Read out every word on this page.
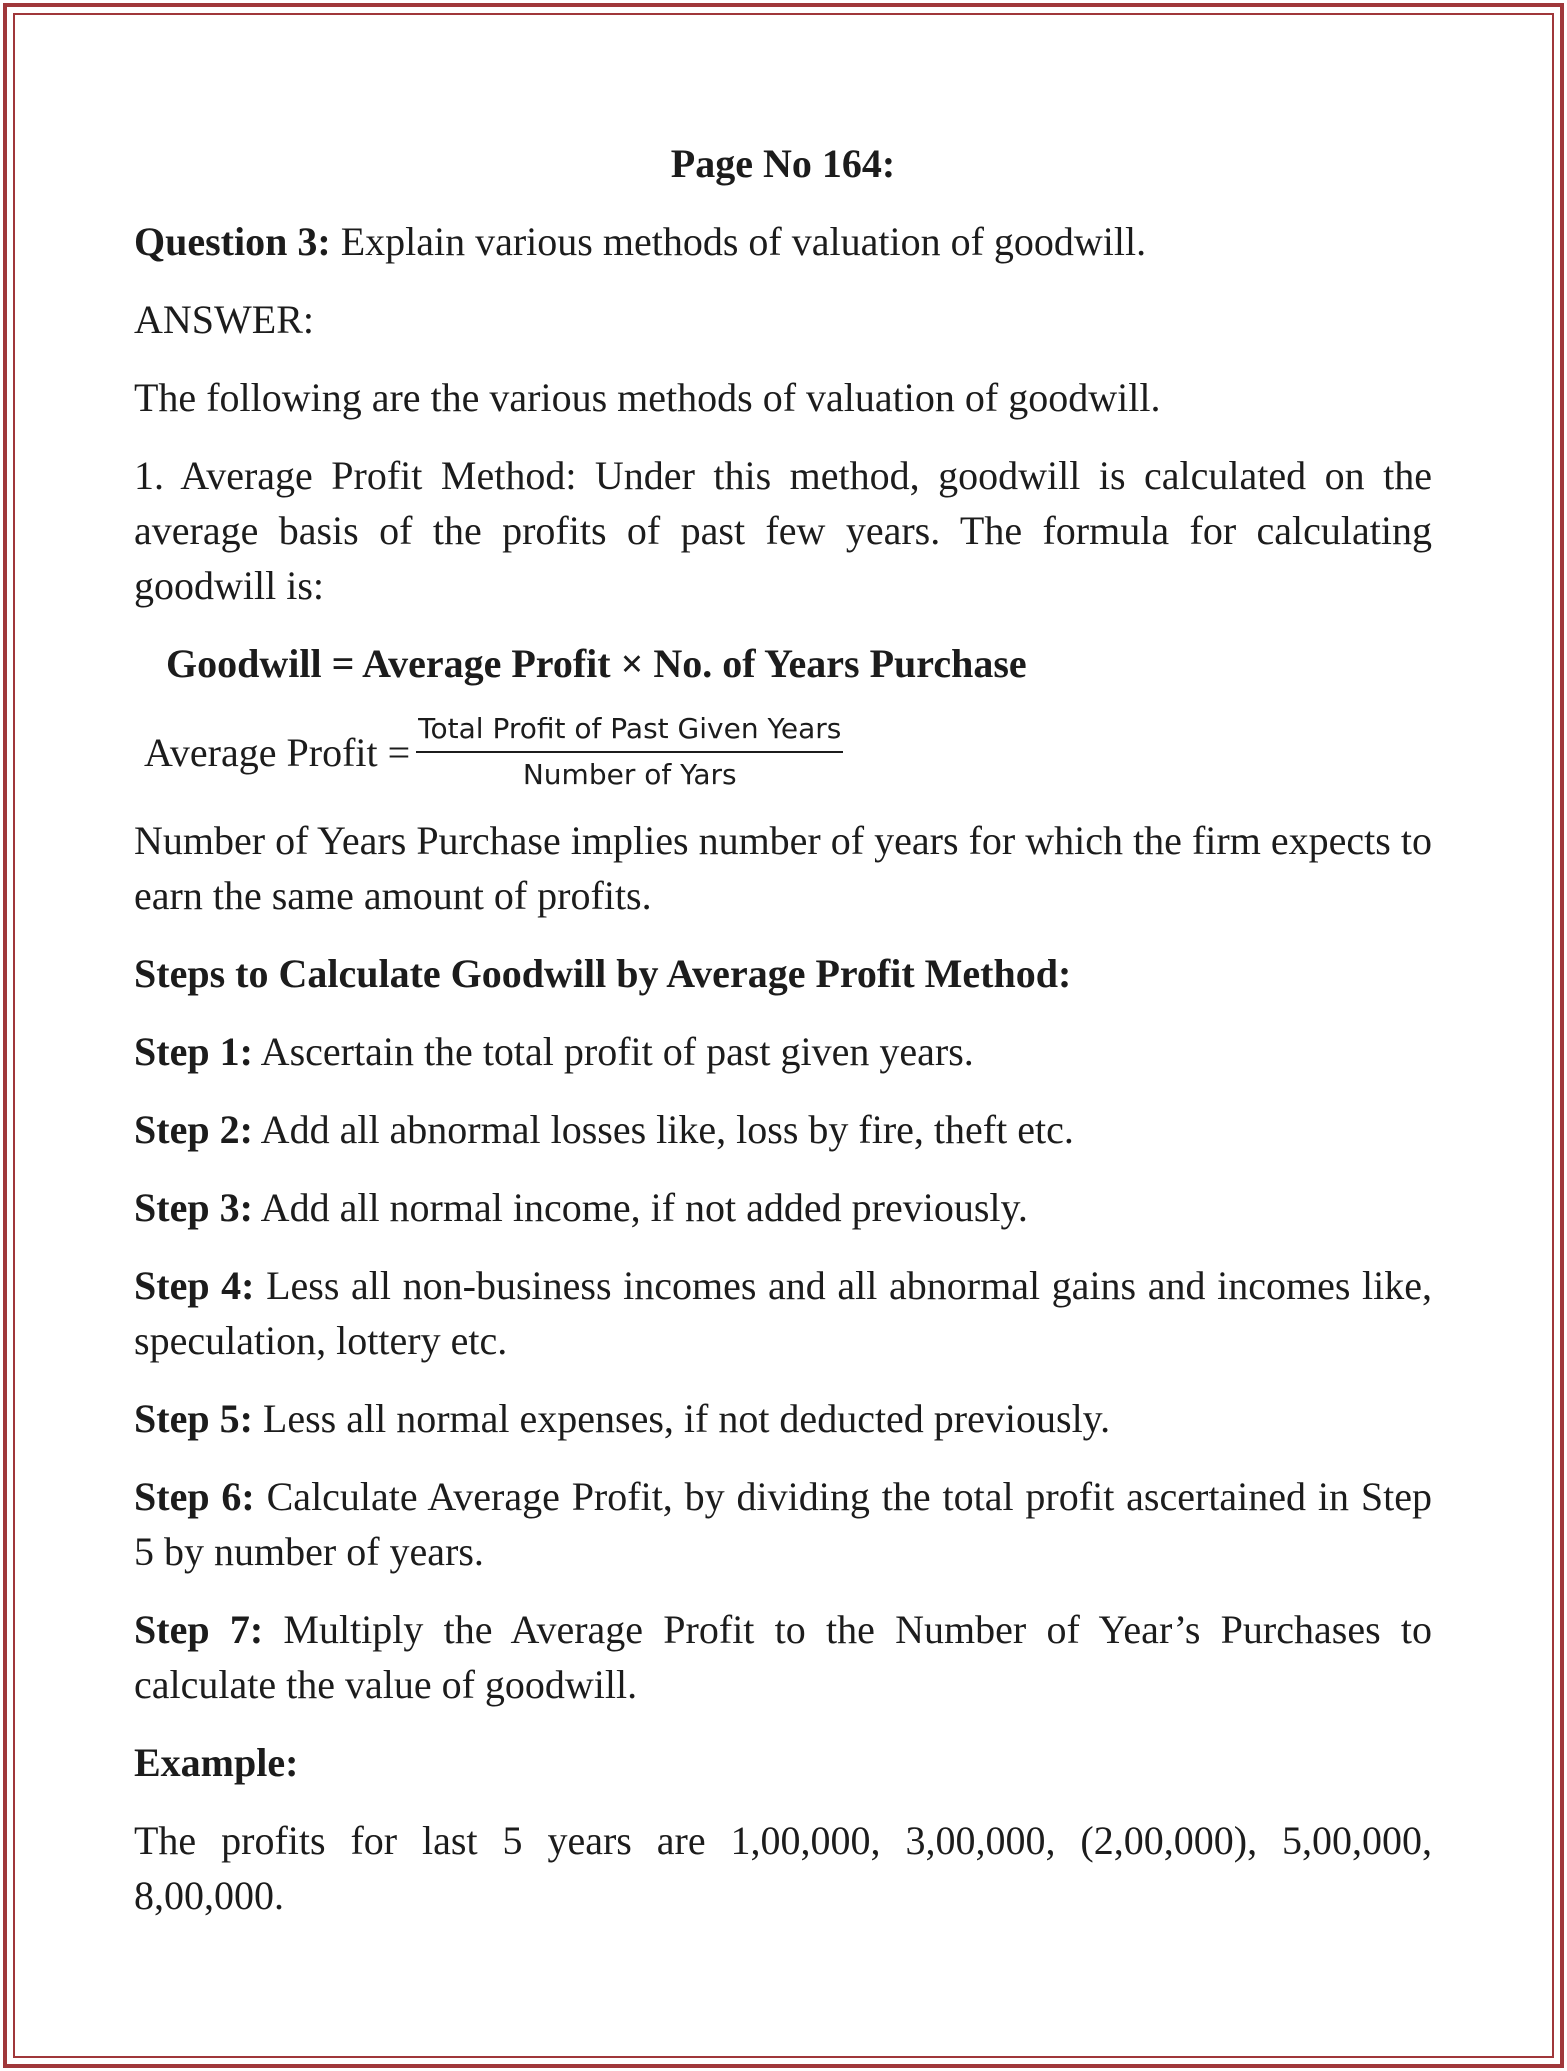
Page No 164:

Question 3: Explain various methods of valuation of goodwill.

ANSWER:

The following are the various methods of valuation of goodwill.

1. Average Profit Method: Under this method, goodwill is calculated on the average basis of the profits of past few years. The formula for calculating goodwill is:

Goodwill = Average Profit × No. of Years Purchase
Average Profit = $\frac{\text{Total Profit of Past Given Years}}{\text{Number of Yars}}$

Number of Years Purchase implies number of years for which the firm expects to earn the same amount of profits.

Steps to Calculate Goodwill by Average Profit Method:

Step 1: Ascertain the total profit of past given years.

Step 2: Add all abnormal losses like, loss by fire, theft etc.

Step 3: Add all normal income, if not added previously.

Step 4: Less all non-business incomes and all abnormal gains and incomes like, speculation, lottery etc.

Step 5: Less all normal expenses, if not deducted previously.

Step 6: Calculate Average Profit, by dividing the total profit ascertained in Step 5 by number of years.

Step 7: Multiply the Average Profit to the Number of Year’s Purchases to calculate the value of goodwill.

Example:

The profits for last 5 years are 1,00,000, 3,00,000, (2,00,000), 5,00,000, 8,00,000.
